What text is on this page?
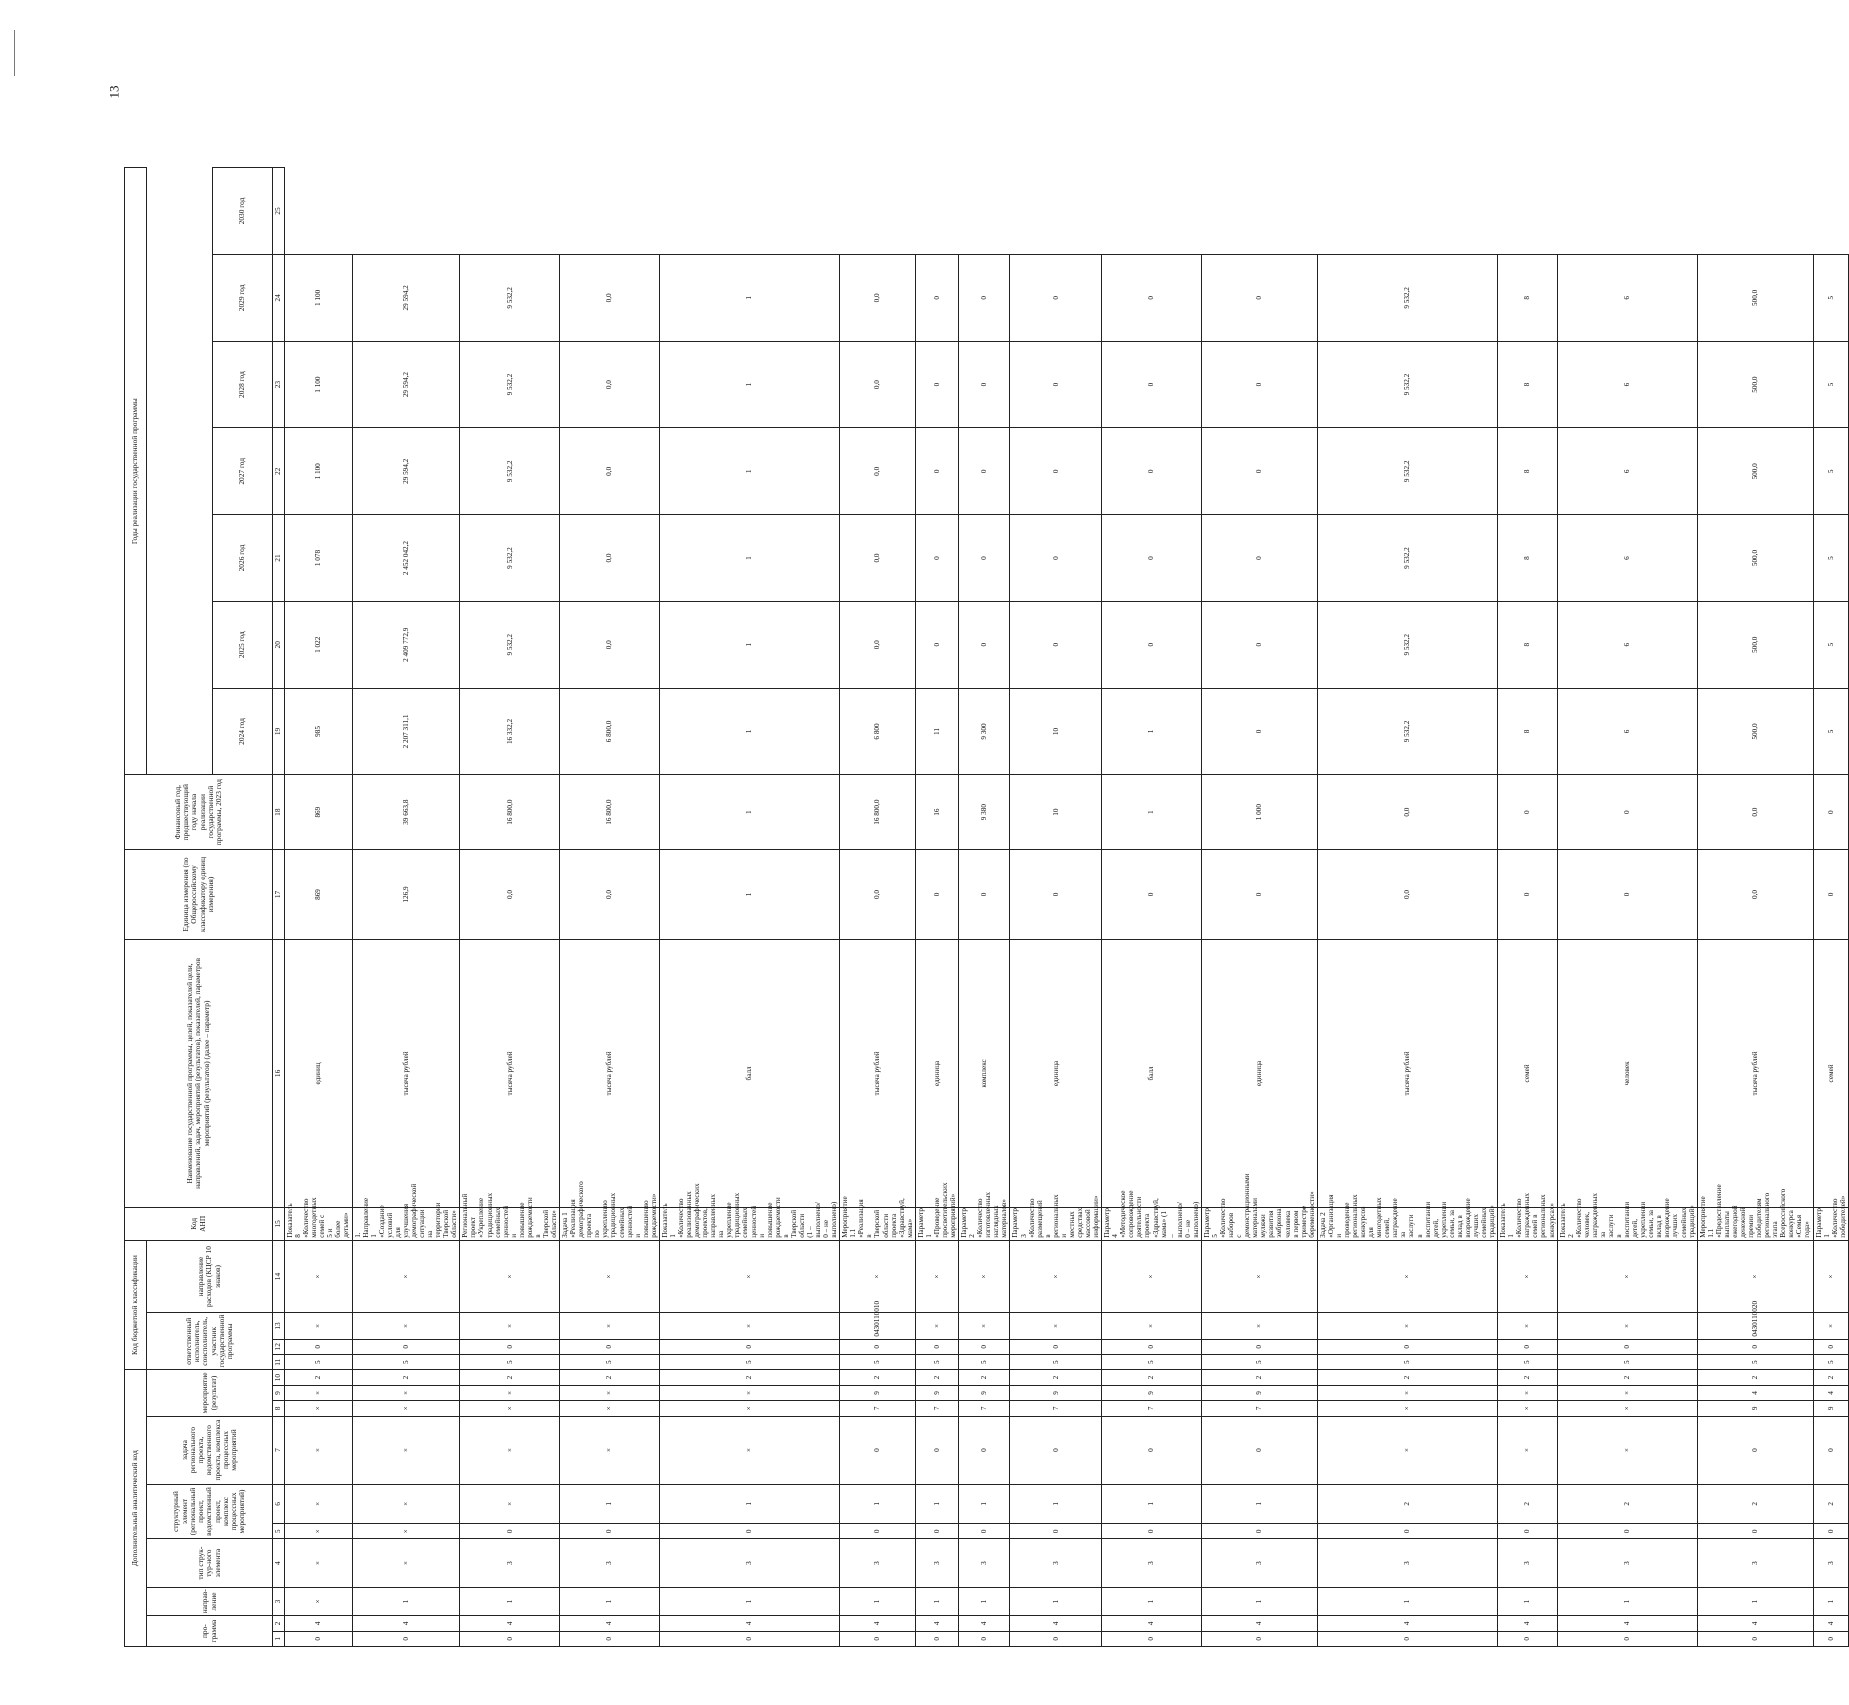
13
Дополнительный аналитический код										Код бюджетной классификации				Код АНП	Наименование государственной программы, целей, показателей цели, направлений, задач, мероприятий (результатов), показателей, параметров мероприятий (результатов) (далее – параметр)	Единица измерения (по Общероссийскому классификатору единиц измерения)	Финансовый год, предшествующий году начала реализации государственной программы, 2023 год	Годы реализации государственной программы						
про-грамма		направ-ление	тип струк-тур-ного элемента	структурный элемент (региональный проект, ведомственный проект, комплекс процессных мероприятий)		задача регионального проекта, ведомственного проекта, комплекса процессных мероприятий	мероприятие (результат)			ответственный исполнитель, соисполнитель, участник государственной программы			направление расходов (КЦСР 10 знаков)											
																		2024 год	2025 год	2026 год	2027 год	2028 год	2029 год	2030 год
1	2	3	4	5	6	7	8	9	10	11	12	13	14	15	16	17	18	19	20	21	22	23	24	25
0	4	×	×	×	×	×	×	×	2	5	0	×	×	Показатель 8 «Количество многодетных семей с 5 и более детьми»	единиц	869	869	985	1 022	1 078	1 100	1 100	1 100	
0	4	1	×	×	×	×	×	×	2	5	0	×	×	1. Направление 1 «Создание условий для улучшения демографической ситуации на территории Тверской области»	тысяча рублей	126,9	39 663,8	2 207 311,1	2 409 772,9	2 452 042,2	29 594,2	29 594,2	29 594,2	
0	4	1	3	0	×	×	×	×	2	5	0	×	×	Региональный проект «Укрепление традиционных семейных ценностей и повышение рождаемости в Тверской области»	тысяча рублей	0,0	16 800,0	16 332,2	9 532,2	9 532,2	9 532,2	9 532,2	9 532,2	
0	4	1	3	0	1	×	×	×	2	5	0	×	×	Задача 1 «Реализация демографического проекта по укреплению традиционных семейных ценностей и повышению рождаемости»	тысяча рублей	0,0	16 800,0	6 800,0	0,0	0,0	0,0	0,0	0,0	
0	4	1	3	0	1	×	×	×	2	5	0	×	×	Показатель 1 «Количество реализованных демографических проектов, направленных на укрепление традиционных семейных ценностей и повышение рождаемости в Тверской области (1 – выполнено/ 0 – не выполнено)	балл	1	1	1	1	1	1	1	1	
0	4	1	3	0	1	0	7	9	2	5	0	0430110010	×	Мероприятие 1.1 «Реализация в Тверской области проекта «Здравствуй, мама»	тысяча рублей	0,0	16 800,0	6 800	0,0	0,0	0,0	0,0	0,0	
0	4	1	3	0	1	0	7	9	2	5	0	×	×	Параметр 1 «Проведение просветительских мероприятий»	единица	0	16	11	0	0	0	0	0	
0	4	1	3	0	1	0	7	9	2	5	0	×	×	Параметр 2 «Количество изготовленных наглядных материалов»	комплекс	0	9 380	9 300	0	0	0	0	0	
0	4	1	3	0	1	0	7	9	2	5	0	×	×	Параметр 3 «Количество размещений в региональных и местных средствах массовой информации»	единица	0	10	10	0	0	0	0	0	
0	4	1	3	0	1	0	7	9	2	5	0	×	×	Параметр 4 «Методическое сопровождение деятельности проекта «Здравствуй, мама» (1 – выполнено/ 0 – не выполнено)	балл	0	1	1	0	0	0	0	0	
0	4	1	3	0	1	0	7	9	2	5	0	×	×	Параметр 5 «Количество наборов с демонстрационными материалами муляжи развития эмбриона человека в первом триместре беременности»	единица	0	1 000	0	0	0	0	0	0	
0	4	1	3	0	2	×	×	×	2	5	0	×	×	Задача 2 «Организация и проведение региональных конкурсов для многодетных семей, награждение за заслуги в воспитании детей, укреплении семьи, за вклад в возрождение лучших семейных традиций»	тысяча рублей	0,0	0,0	9 532,2	9 532,2	9 532,2	9 532,2	9 532,2	9 532,2	
0	4	1	3	0	2	×	×	×	2	5	0	×	×	Показатель 1 «Количество награжденных семей в региональных конкурсах»	семей	0	0	8	8	8	8	8	8	
0	4	1	3	0	2	×	×	×	2	5	0	×	×	Показатель 2 «Количество человек, награжденных за заслуги в воспитании детей, укреплении семьи, за вклад в возрождение лучших семейных традиций»	человек	0	0	6	6	6	6	6	6	
0	4	1	3	0	2	0	9	4	2	5	0	0430110020	×	Мероприятие 1.1 «Предоставление выплаты ежегодной денежной премии победителям регионального этапа Всероссийского конкурса «Семья года»	тысяча рублей	0,0	0,0	500,0	500,0	500,0	500,0	500,0	500,0	
0	4	1	3	0	2	0	9	4	2	5	0	×	×	Параметр 1 «Количество победителей»	семей	0	0	5	5	5	5	5	5	
